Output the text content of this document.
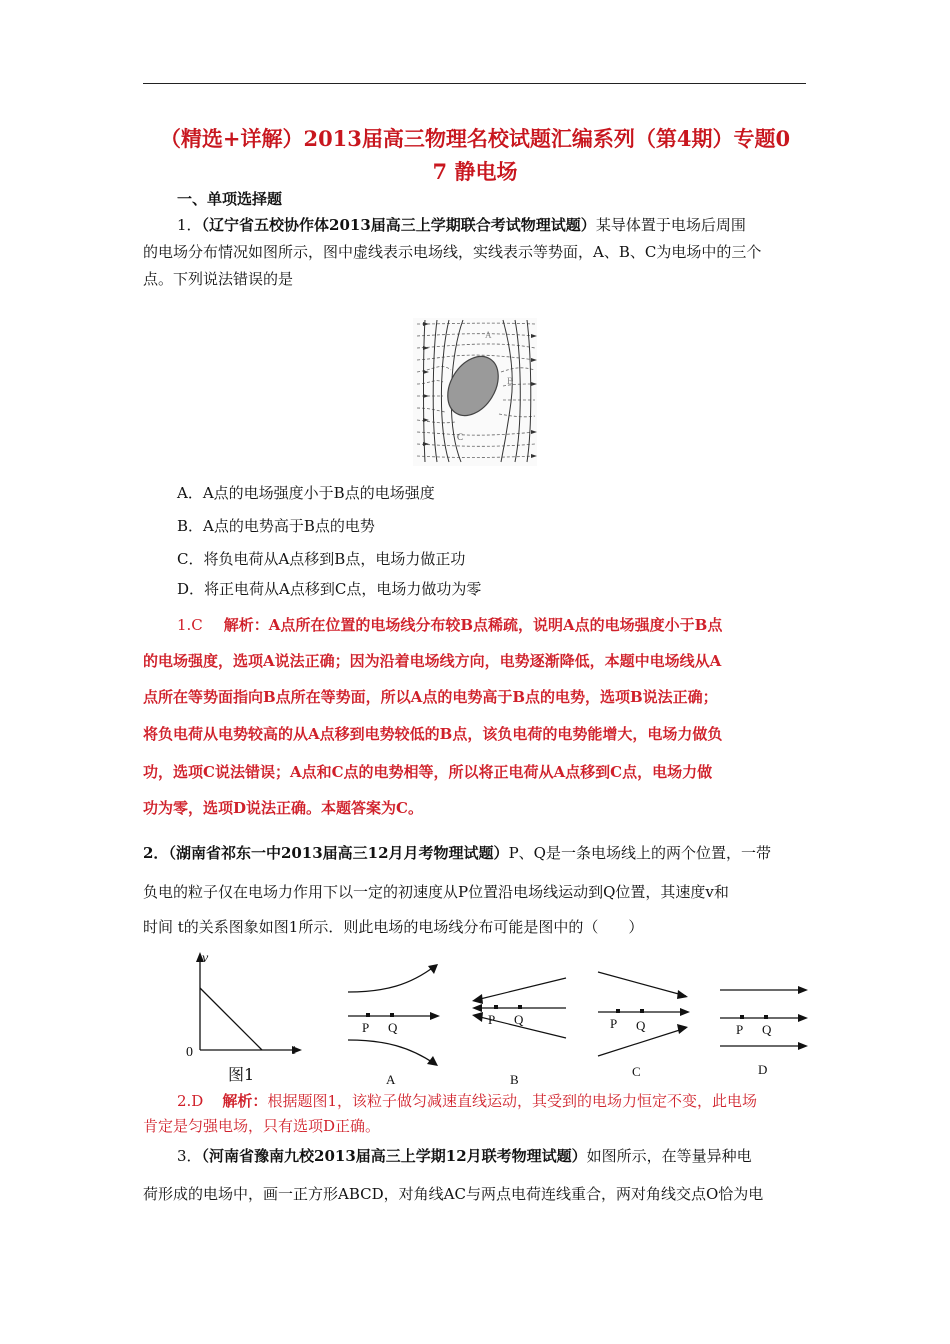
（精选+详解）2013届高三物理名校试题汇编系列（第4期）专题0
7 静电场
一、单项选择题
1．（辽宁省五校协作体2013届高三上学期联合考试物理试题）某导体置于电场后周围
的电场分布情况如图所示，图中虚线表示电场线，实线表示等势面，A、B、C为电场中的三个
点。下列说法错误的是
A
B
C
A．A点的电场强度小于B点的电场强度
B．A点的电势高于B点的电势
C．将负电荷从A点移到B点，电场力做正功
D．将正电荷从A点移到C点，电场力做功为零
1.C 解析：A点所在位置的电场线分布较B点稀疏，说明A点的电场强度小于B点
的电场强度，选项A说法正确；因为沿着电场线方向，电势逐渐降低，本题中电场线从A
点所在等势面指向B点所在等势面，所以A点的电势高于B点的电势，选项B说法正确；
将负电荷从电势较高的从A点移到电势较低的B点，该负电荷的电势能增大，电场力做负
功，选项C说法错误；A点和C点的电势相等，所以将正电荷从A点移到C点，电场力做
功为零，选项D说法正确。本题答案为C。
2．（湖南省祁东一中2013届高三12月月考物理试题）P、Q是一条电场线上的两个位置，一带
负电的粒子仅在电场力作用下以一定的初速度从P位置沿电场线运动到Q位置，其速度v和
时间 t的关系图象如图1所示．则此电场的电场线分布可能是图中的（　　）
v
t
0
图1
P Q
A
P Q
B
P Q
C
P Q
D
2.D 解析：根据题图1，该粒子做匀减速直线运动，其受到的电场力恒定不变，此电场
肯定是匀强电场，只有选项D正确。
3．（河南省豫南九校2013届高三上学期12月联考物理试题）如图所示，在等量异种电
荷形成的电场中，画一正方形ABCD，对角线AC与两点电荷连线重合，两对角线交点O恰为电
